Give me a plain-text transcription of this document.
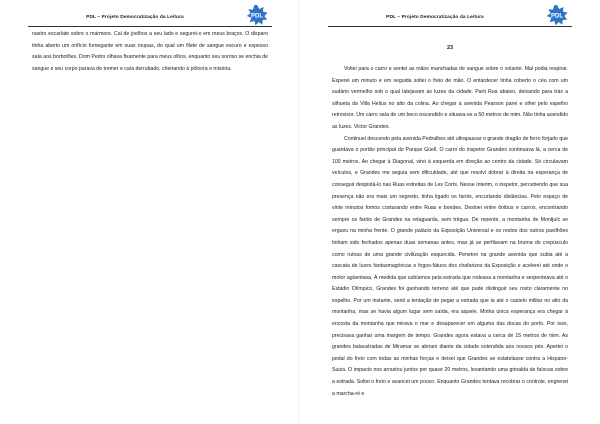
PDL – Projeto Democratização da Leitura	PDL

nastro escarlate sobre o mármore. Cal de joelhos a seu lado e segurei-o em meus braços. O disparo tinha aberto um orifício fumegante em suas roupas, do qual um filete de sangue escuro e espesso saía aos borbotões. Dom Pedro olhava fixamente para meus olhos, enquanto seu sorriso se enchia de sangue e seu corpo parava de tremer e caía derrubado, cheirando à pólvora e miséria.

PDL – Projeto Democratização da Leitura	PDL
23

Voltei para o carro e sentei as mãos manchadas de sangue sobre o volante. Mal podia respirar. Esperei um minuto e em seguida soltei o freio de mão. O entardecer tinha coberto o céu com um sudário vermelho sob o qual latejavam as luzes da cidade. Parti Rua abaixo, deixando para trás a silhueta da Villa Helius no alto da colina. Ao chegar à avenida Pearson parei e olhei pelo espelho retrovisor. Um carro saía de um beco escondido e situava-se a 50 metros de mim. Não tinha acendido as luzes. Victor Grandes.

Continuei descendo pela avenida Pedralbes até ultrapassar o grande dragão de ferro forjado que guardava o portão principal do Parque Güell. O carro do inspetor Grandes continuava lá, a cerca de 100 metros. Ao chegar à Diagonal, virei à esquerda em direção ao centro da cidade. Só circulavam veículos, e Grandes me seguia sem dificuldade, até que resolvi dobrar à direita na esperança de conseguir despistá-lo nas Ruas estreitas de Les Corts. Nesse ínterim, o inspetor, percebendo que sua presença não era mais um segredo, tinha ligado os faróis, encurtando distâncias. Pelo espaço de vinte minutos fomos costurando entre Ruas e bondes. Desloei entre ônibus e carros, encontrando sempre os faróis de Grandes na retaguarda, sem trégua. De repente, a montanha de Montjuïc se ergueu na minha frente. O grande palácio da Exposição Universal e os restos dos outros pavilhões tinham sido fechados apenas duas semanas antes, mas já se perfilavam na bruma do crepúsculo como ruínas de uma grande civilização esquecida. Penetrei na grande avenida que subia até a cascata de luzes fantasmagóricas e fogos-fátuos dos chafarizes da Exposição e acelerei até onde o motor agüentava. À medida que subíamos pela estrada que rodeava a montanha e serpenteava até o Estádio Olímpico, Grandes foi ganhando terreno até que pude distinguir seu rosto claramente no espelho. Por um instante, senti a tentação de pegar a estrada que ia até o castelo militar no alto da montanha, mas se havia algum lugar sem saída, era aquele. Minha única esperança era chegar à encosta da montanha que mirava o mar e desaparecer em alguma das docas do porto. Por isso, precisava ganhar uma margem de tempo. Grandes agora estava a cerca de 15 metros de mim. As grandes balaustradas de Miramar se abriam diante da cidade estendida aos nossos pés. Apertei o pedal do freio com todas as minhas forças e deixei que Grandes se estatelasse contra a Hispano-Suiza. O impacto nos arrastou juntos por quase 20 metros, levantando uma grinalda de faíscas sobre a estrada. Soltei o freio e avancei um pouco. Enquanto Grandes tentava recobrar o controle, engrenei a marcha-ré e
